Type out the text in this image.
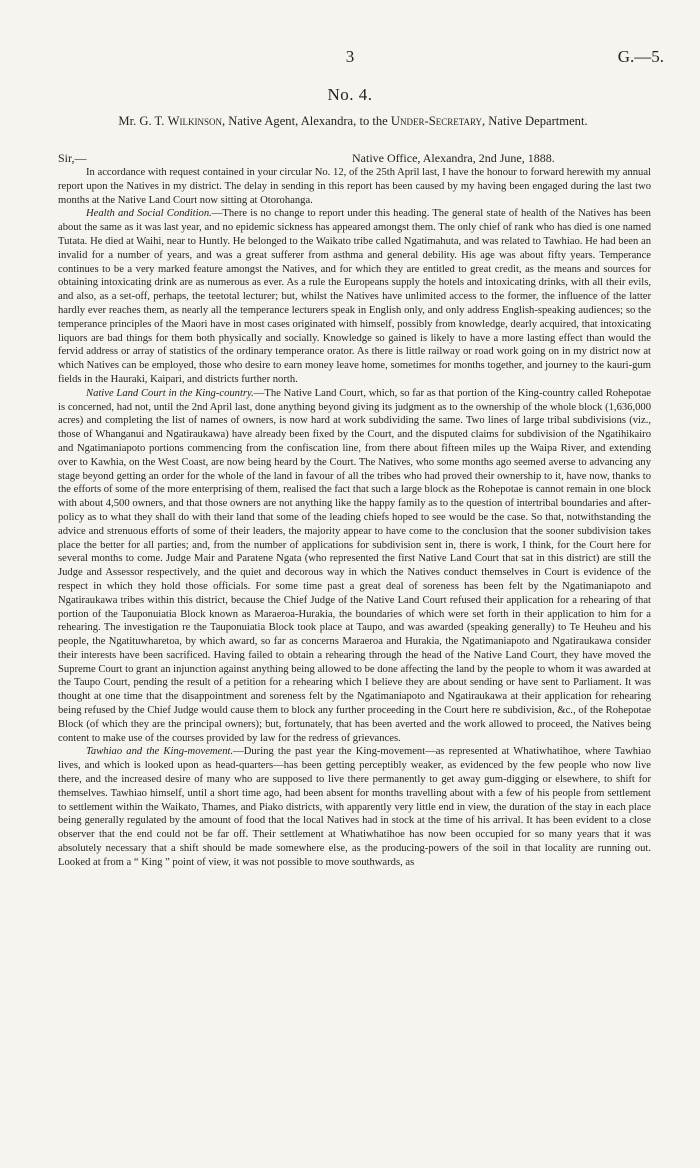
3	G.—5.
No. 4.
Mr. G. T. Wilkinson, Native Agent, Alexandra, to the Under-Secretary, Native Department.
Sir,—	Native Office, Alexandra, 2nd June, 1888.

In accordance with request contained in your circular No. 12, of the 25th April last, I have the honour to forward herewith my annual report upon the Natives in my district. The delay in sending in this report has been caused by my having been engaged during the last two months at the Native Land Court now sitting at Otorohanga.

Health and Social Condition.—There is no change to report under this heading. The general state of health of the Natives has been about the same as it was last year, and no epidemic sickness has appeared amongst them. The only chief of rank who has died is one named Tutata. He died at Waihi, near to Huntly. He belonged to the Waikato tribe called Ngatimahuta, and was related to Tawhiao. He had been an invalid for a number of years, and was a great sufferer from asthma and general debility. His age was about fifty years. Temperance continues to be a very marked feature amongst the Natives, and for which they are entitled to great credit, as the means and sources for obtaining intoxicating drink are as numerous as ever. As a rule the Europeans supply the hotels and intoxicating drinks, with all their evils, and also, as a set-off, perhaps, the teetotal lecturer; but, whilst the Natives have unlimited access to the former, the influence of the latter hardly ever reaches them, as nearly all the temperance lecturers speak in English only, and only address English-speaking audiences; so the temperance principles of the Maori have in most cases originated with himself, possibly from knowledge, dearly acquired, that intoxicating liquors are bad things for them both physically and socially. Knowledge so gained is likely to have a more lasting effect than would the fervid address or array of statistics of the ordinary temperance orator. As there is little railway or road work going on in my district now at which Natives can be employed, those who desire to earn money leave home, sometimes for months together, and journey to the kauri-gum fields in the Hauraki, Kaipari, and districts further north.

Native Land Court in the King-country.—The Native Land Court, which, so far as that portion of the King-country called Rohepotae is concerned, had not, until the 2nd April last, done anything beyond giving its judgment as to the ownership of the whole block (1,636,000 acres) and completing the list of names of owners, is now hard at work subdividing the same. Two lines of large tribal subdivisions (viz., those of Whanganui and Ngatiraukawa) have already been fixed by the Court, and the disputed claims for subdivision of the Ngatihikairo and Ngatimaniapoto portions commencing from the confiscation line, from there about fifteen miles up the Waipa River, and extending over to Kawhia, on the West Coast, are now being heard by the Court. The Natives, who some months ago seemed averse to advancing any stage beyond getting an order for the whole of the land in favour of all the tribes who had proved their ownership to it, have now, thanks to the efforts of some of the more enterprising of them, realised the fact that such a large block as the Rohepotae is cannot remain in one block with about 4,500 owners, and that those owners are not anything like the happy family as to the question of intertribal boundaries and after-policy as to what they shall do with their land that some of the leading chiefs hoped to see would be the case. So that, notwithstanding the advice and strenuous efforts of some of their leaders, the majority appear to have come to the conclusion that the sooner subdivision takes place the better for all parties; and, from the number of applications for subdivision sent in, there is work, I think, for the Court here for several months to come. Judge Mair and Paratene Ngata (who represented the first Native Land Court that sat in this district) are still the Judge and Assessor respectively, and the quiet and decorous way in which the Natives conduct themselves in Court is evidence of the respect in which they hold those officials. For some time past a great deal of soreness has been felt by the Ngatimaniapoto and Ngatiraukawa tribes within this district, because the Chief Judge of the Native Land Court refused their application for a rehearing of that portion of the Tauponuiatia Block known as Maraeroa-Hurakia, the boundaries of which were set forth in their application to him for a rehearing. The investigation re the Tauponuiatia Block took place at Taupo, and was awarded (speaking generally) to Te Heuheu and his people, the Ngatituwharetoa, by which award, so far as concerns Maraeroa and Hurakia, the Ngatimaniapoto and Ngatiraukawa consider their interests have been sacrificed. Having failed to obtain a rehearing through the head of the Native Land Court, they have moved the Supreme Court to grant an injunction against anything being allowed to be done affecting the land by the people to whom it was awarded at the Taupo Court, pending the result of a petition for a rehearing which I believe they are about sending or have sent to Parliament. It was thought at one time that the disappointment and soreness felt by the Ngatimaniapoto and Ngatiraukawa at their application for rehearing being refused by the Chief Judge would cause them to block any further proceeding in the Court here re subdivision, &c., of the Rohepotae Block (of which they are the principal owners); but, fortunately, that has been averted and the work allowed to proceed, the Natives being content to make use of the courses provided by law for the redress of grievances.

Tawhiao and the King-movement.—During the past year the King-movement—as represented at Whatiwhatihoe, where Tawhiao lives, and which is looked upon as head-quarters—has been getting perceptibly weaker, as evidenced by the few people who now live there, and the increased desire of many who are supposed to live there permanently to get away gum-digging or elsewhere, to shift for themselves. Tawhiao himself, until a short time ago, had been absent for months travelling about with a few of his people from settlement to settlement within the Waikato, Thames, and Piako districts, with apparently very little end in view, the duration of the stay in each place being generally regulated by the amount of food that the local Natives had in stock at the time of his arrival. It has been evident to a close observer that the end could not be far off. Their settlement at Whatiwhatihoe has now been occupied for so many years that it was absolutely necessary that a shift should be made somewhere else, as the producing-powers of the soil in that locality are running out. Looked at from a “ King ” point of view, it was not possible to move southwards, as
